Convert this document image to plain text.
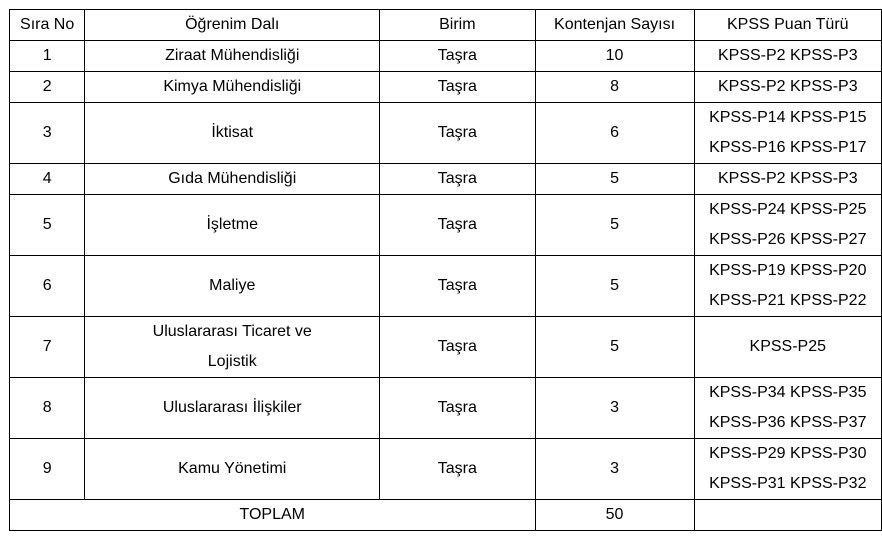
Sıra No	Öğrenim Dalı	Birim	Kontenjan Sayısı	KPSS Puan Türü
1	Ziraat Mühendisliği	Taşra	10	KPSS-P2 KPSS-P3

2	Kimya Mühendisliği	Taşra	8	KPSS-P2 KPSS-P3

3	İktisat	Taşra	6	KPSS-P14 KPSS-P15
KPSS-P16 KPSS-P17

4	Gıda Mühendisliği	Taşra	5	KPSS-P2 KPSS-P3

5	İşletme	Taşra	5	KPSS-P24 KPSS-P25
KPSS-P26 KPSS-P27

6	Maliye	Taşra	5	KPSS-P19 KPSS-P20
KPSS-P21 KPSS-P22

7	Uluslararası Ticaret ve
Lojistik	Taşra	5	KPSS-P25

8	Uluslararası İlişkiler	Taşra	3	KPSS-P34 KPSS-P35
KPSS-P36 KPSS-P37

9	Kamu Yönetimi	Taşra	3	KPSS-P29 KPSS-P30
KPSS-P31 KPSS-P32

TOPLAM			50	
